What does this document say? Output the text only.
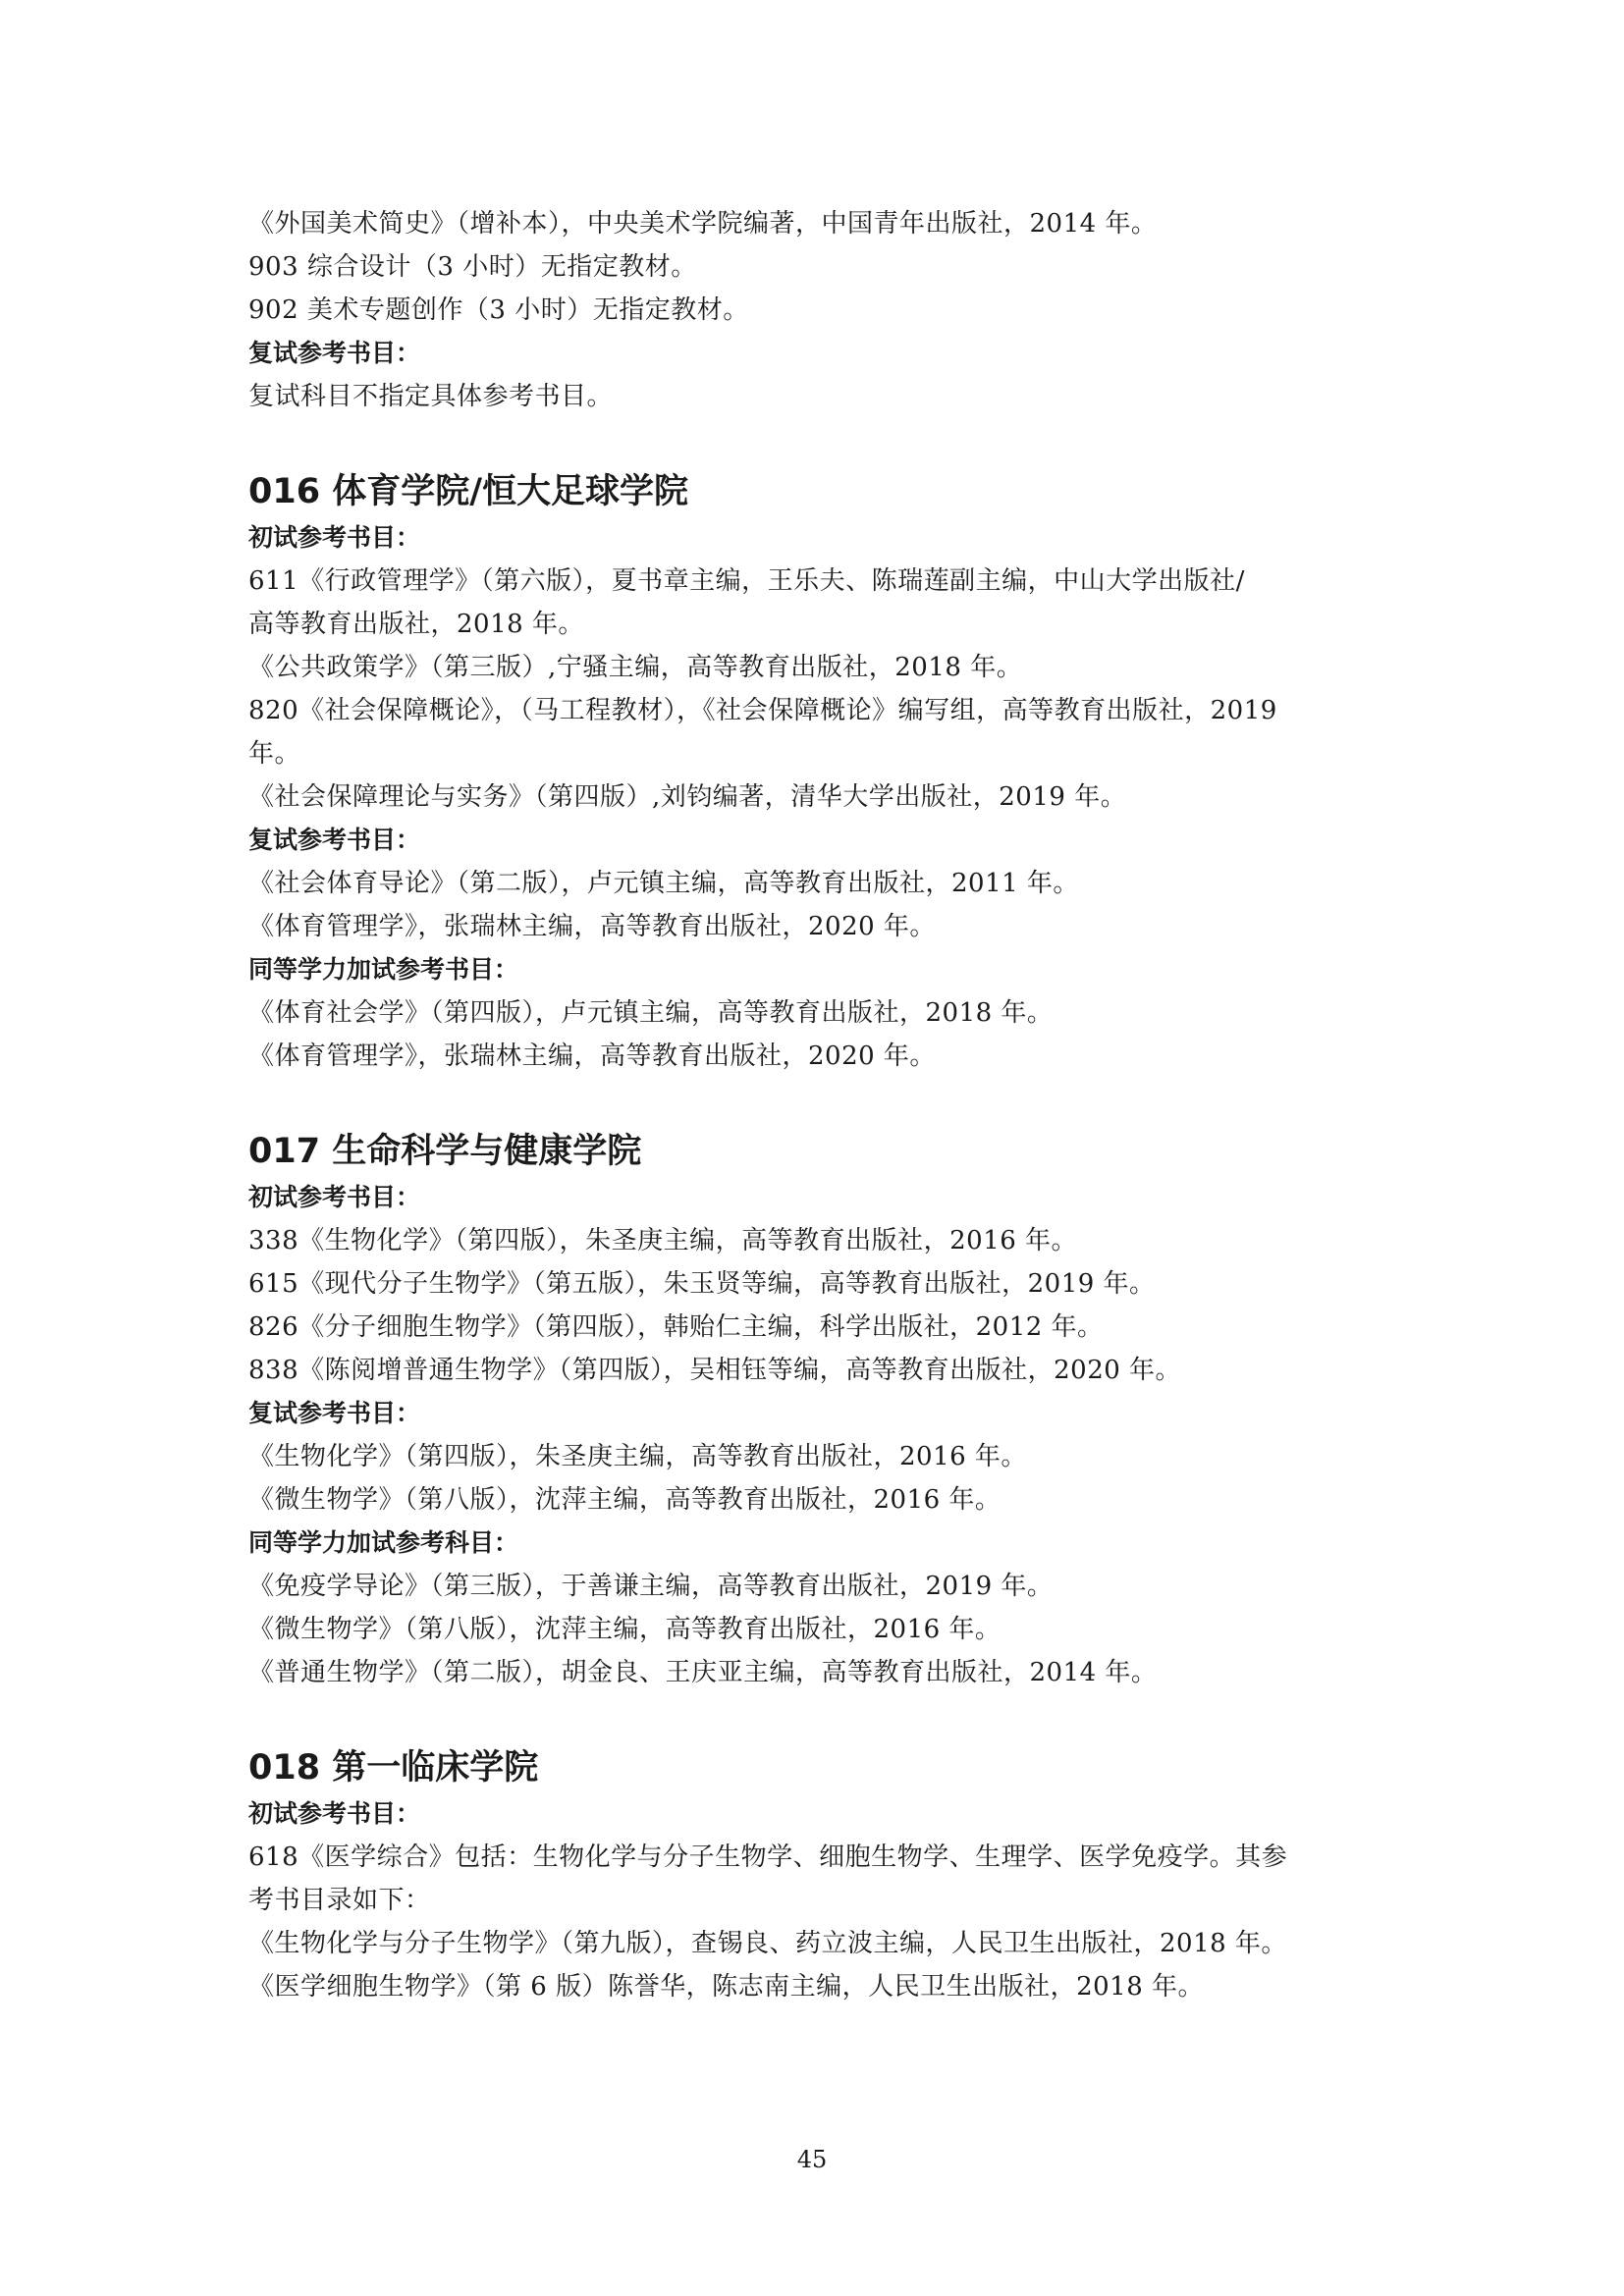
《外国美术简史》（增补本），中央美术学院编著，中国青年出版社，2014 年。

903 综合设计（3 小时）无指定教材。

902 美术专题创作（3 小时）无指定教材。

复试参考书目：

复试科目不指定具体参考书目。

016 体育学院/恒大足球学院

初试参考书目：

611《行政管理学》（第六版），夏书章主编，王乐夫、陈瑞莲副主编，中山大学出版社/

高等教育出版社，2018 年。

《公共政策学》（第三版）,宁骚主编，高等教育出版社，2018 年。

820《社会保障概论》，（马工程教材），《社会保障概论》编写组，高等教育出版社，2019

年。

《社会保障理论与实务》（第四版）,刘钧编著，清华大学出版社，2019 年。

复试参考书目：

《社会体育导论》（第二版），卢元镇主编，高等教育出版社，2011 年。

《体育管理学》，张瑞林主编，高等教育出版社，2020 年。

同等学力加试参考书目：

《体育社会学》（第四版），卢元镇主编，高等教育出版社，2018 年。

《体育管理学》，张瑞林主编，高等教育出版社，2020 年。

017 生命科学与健康学院

初试参考书目：

338《生物化学》（第四版），朱圣庚主编，高等教育出版社，2016 年。

615《现代分子生物学》（第五版），朱玉贤等编，高等教育出版社，2019 年。

826《分子细胞生物学》（第四版），韩贻仁主编，科学出版社，2012 年。

838《陈阅增普通生物学》（第四版），吴相钰等编，高等教育出版社，2020 年。

复试参考书目：

《生物化学》（第四版），朱圣庚主编，高等教育出版社，2016 年。

《微生物学》（第八版），沈萍主编，高等教育出版社，2016 年。

同等学力加试参考科目：

《免疫学导论》（第三版），于善谦主编，高等教育出版社，2019 年。

《微生物学》（第八版），沈萍主编，高等教育出版社，2016 年。

《普通生物学》（第二版），胡金良、王庆亚主编，高等教育出版社，2014 年。

018 第一临床学院

初试参考书目：

618《医学综合》包括：生物化学与分子生物学、细胞生物学、生理学、医学免疫学。其参

考书目录如下：

《生物化学与分子生物学》（第九版），查锡良、药立波主编，人民卫生出版社，2018 年。

《医学细胞生物学》（第 6 版）陈誉华，陈志南主编，人民卫生出版社，2018 年。

45
